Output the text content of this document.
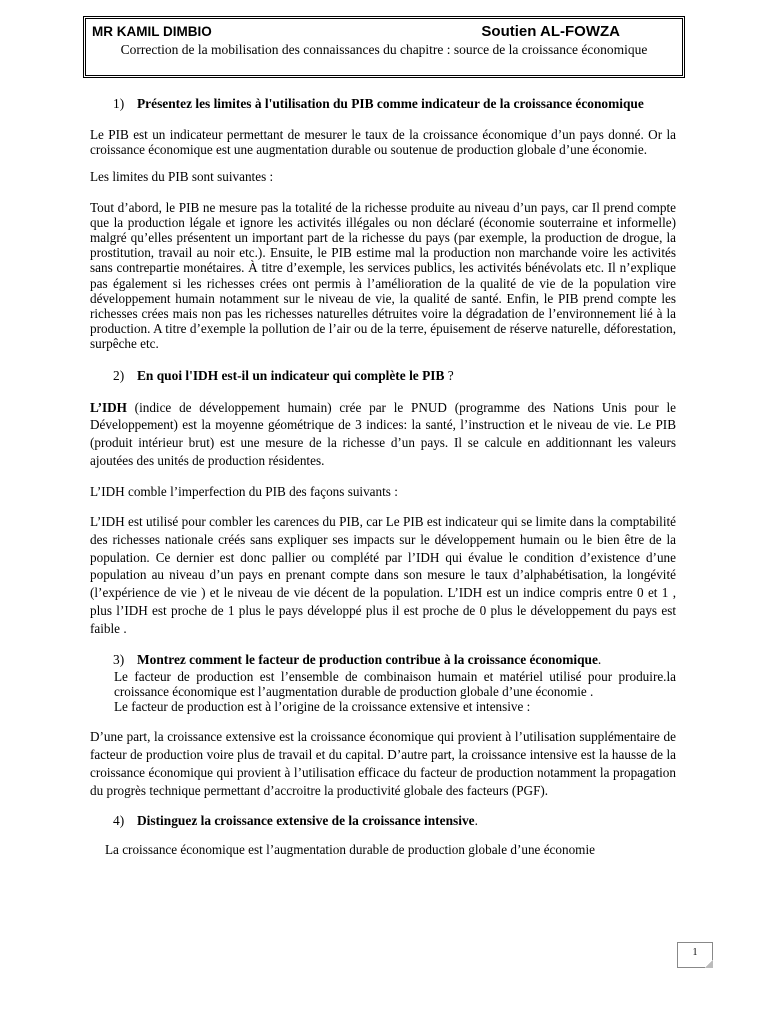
MR KAMIL DIMBIO	Soutien AL-FOWZA
Correction de la mobilisation des connaissances du chapitre : source de la croissance économique
1) Présentez les limites à l'utilisation du PIB comme indicateur de la croissance économique

Le PIB est un indicateur permettant de mesurer le taux de la croissance économique d’un pays donné. Or la croissance économique est une augmentation durable ou soutenue de production globale d’une économie.

Les limites du PIB sont suivantes :

Tout d’abord, le PIB ne mesure pas la totalité de la richesse produite au niveau d’un pays, car Il prend compte que la production légale et ignore les activités illégales ou non déclaré (économie souterraine et informelle) malgré qu’elles présentent un important part de la richesse du pays (par exemple, la production de drogue, la prostitution, travail au noir etc.). Ensuite, le PIB estime mal la production non marchande voire les activités sans contrepartie monétaires. À titre d’exemple, les services publics, les activités bénévolats etc. Il n’explique pas également si les richesses crées ont permis à l’amélioration de la qualité de vie de la population vire développement humain notamment sur le niveau de vie, la qualité de santé. Enfin, le PIB prend compte les richesses crées mais non pas les richesses naturelles détruites voire la dégradation de l’environnement lié à la production. A titre d’exemple la pollution de l’air ou de la terre, épuisement de réserve naturelle, déforestation, surpêche etc.

2) En quoi l'IDH est-il un indicateur qui complète le PIB ?

L’IDH (indice de développement humain) crée par le PNUD (programme des Nations Unis pour le Développement) est la moyenne géométrique de 3 indices: la santé, l’instruction et le niveau de vie. Le PIB (produit intérieur brut) est une mesure de la richesse d’un pays. Il se calcule en additionnant les valeurs ajoutées des unités de production résidentes.

L’IDH comble l’imperfection du PIB des façons suivants :

L’IDH est utilisé pour combler les carences du PIB, car Le PIB est indicateur qui se limite dans la comptabilité des richesses nationale créés sans expliquer ses impacts sur le développement humain ou le bien être de la population. Ce dernier est donc pallier ou complété par l’IDH qui évalue le condition d’existence d’une population au niveau d’un pays en prenant compte dans son mesure le taux d’alphabétisation, la longévité (l’expérience de vie ) et le niveau de vie décent de la population. L’IDH est un indice compris entre 0 et 1 , plus l’IDH est proche de 1 plus le pays développé plus il est proche de 0 plus le développement du pays est faible .

3) Montrez comment le facteur de production contribue à la croissance économique.

Le facteur de production est l’ensemble de combinaison humain et matériel utilisé pour produire.la croissance économique est l’augmentation durable de production globale d’une économie .

Le facteur de production est à l’origine de la croissance extensive et intensive :

D’une part, la croissance extensive est la croissance économique qui provient à l’utilisation supplémentaire de facteur de production voire plus de travail et du capital. D’autre part, la croissance intensive est la hausse de la croissance économique qui provient à l’utilisation efficace du facteur de production notamment la propagation du progrès technique permettant d’accroitre la productivité globale des facteurs (PGF).

4) Distinguez la croissance extensive de la croissance intensive.

La croissance économique est l’augmentation durable de production globale d’une économie

1
